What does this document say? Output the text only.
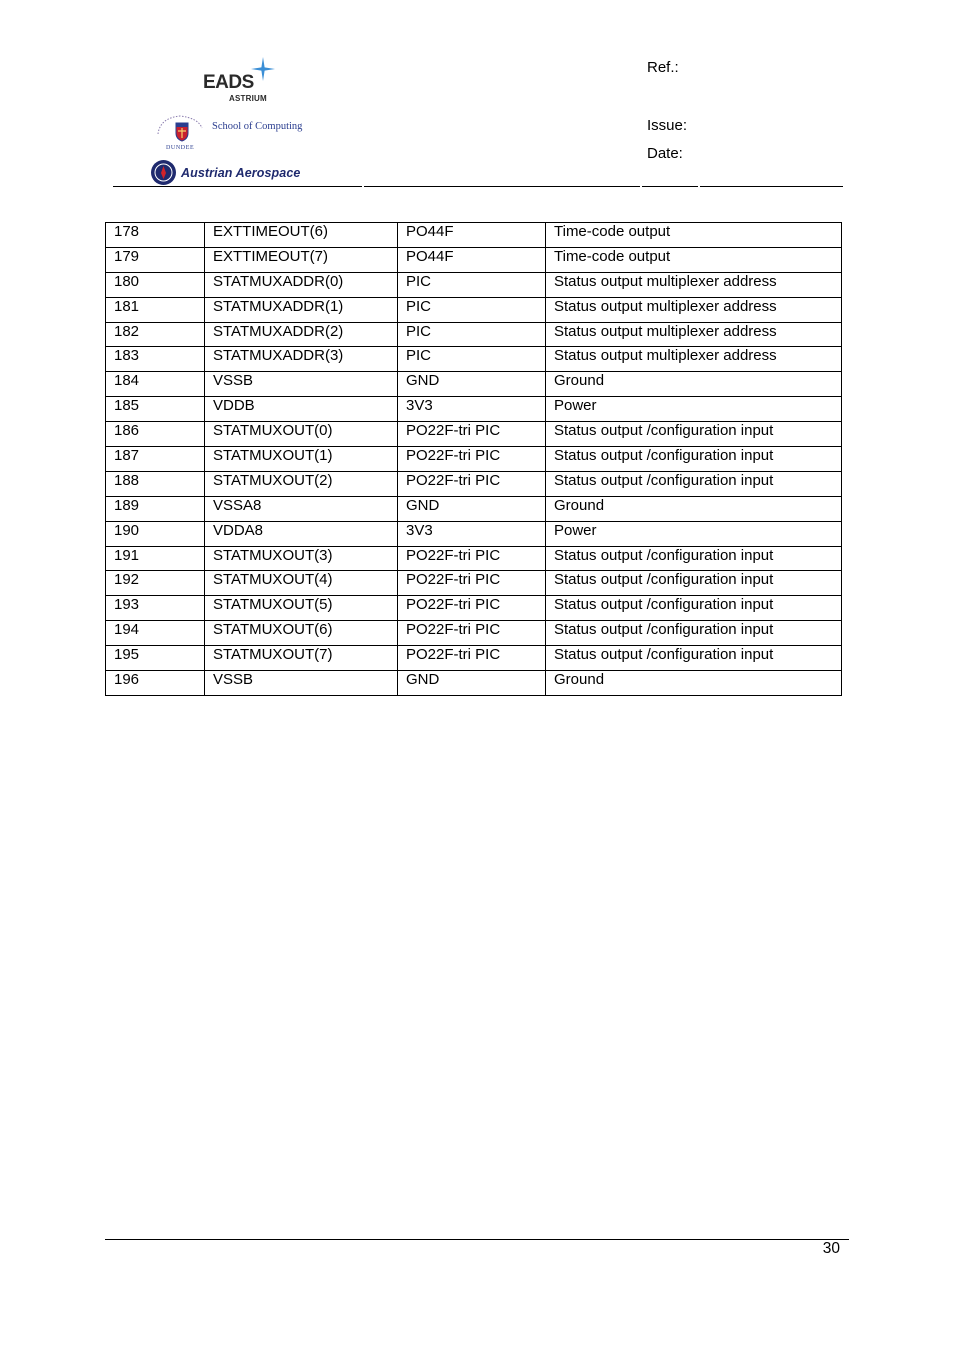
EADS
ASTRIUM
School of Computing
DUNDEE
Austrian Aerospace
Ref.:
Issue:
Date:
178	EXTTIMEOUT(6)	PO44F	Time-code output
179	EXTTIMEOUT(7)	PO44F	Time-code output
180	STATMUXADDR(0)	PIC	Status output multiplexer address
181	STATMUXADDR(1)	PIC	Status output multiplexer address
182	STATMUXADDR(2)	PIC	Status output multiplexer address
183	STATMUXADDR(3)	PIC	Status output multiplexer address
184	VSSB	GND	Ground
185	VDDB	3V3	Power
186	STATMUXOUT(0)	PO22F-tri PIC	Status output /configuration input
187	STATMUXOUT(1)	PO22F-tri PIC	Status output /configuration input
188	STATMUXOUT(2)	PO22F-tri PIC	Status output /configuration input
189	VSSA8	GND	Ground
190	VDDA8	3V3	Power
191	STATMUXOUT(3)	PO22F-tri PIC	Status output /configuration input
192	STATMUXOUT(4)	PO22F-tri PIC	Status output /configuration input
193	STATMUXOUT(5)	PO22F-tri PIC	Status output /configuration input
194	STATMUXOUT(6)	PO22F-tri PIC	Status output /configuration input
195	STATMUXOUT(7)	PO22F-tri PIC	Status output /configuration input
196	VSSB	GND	Ground
30
